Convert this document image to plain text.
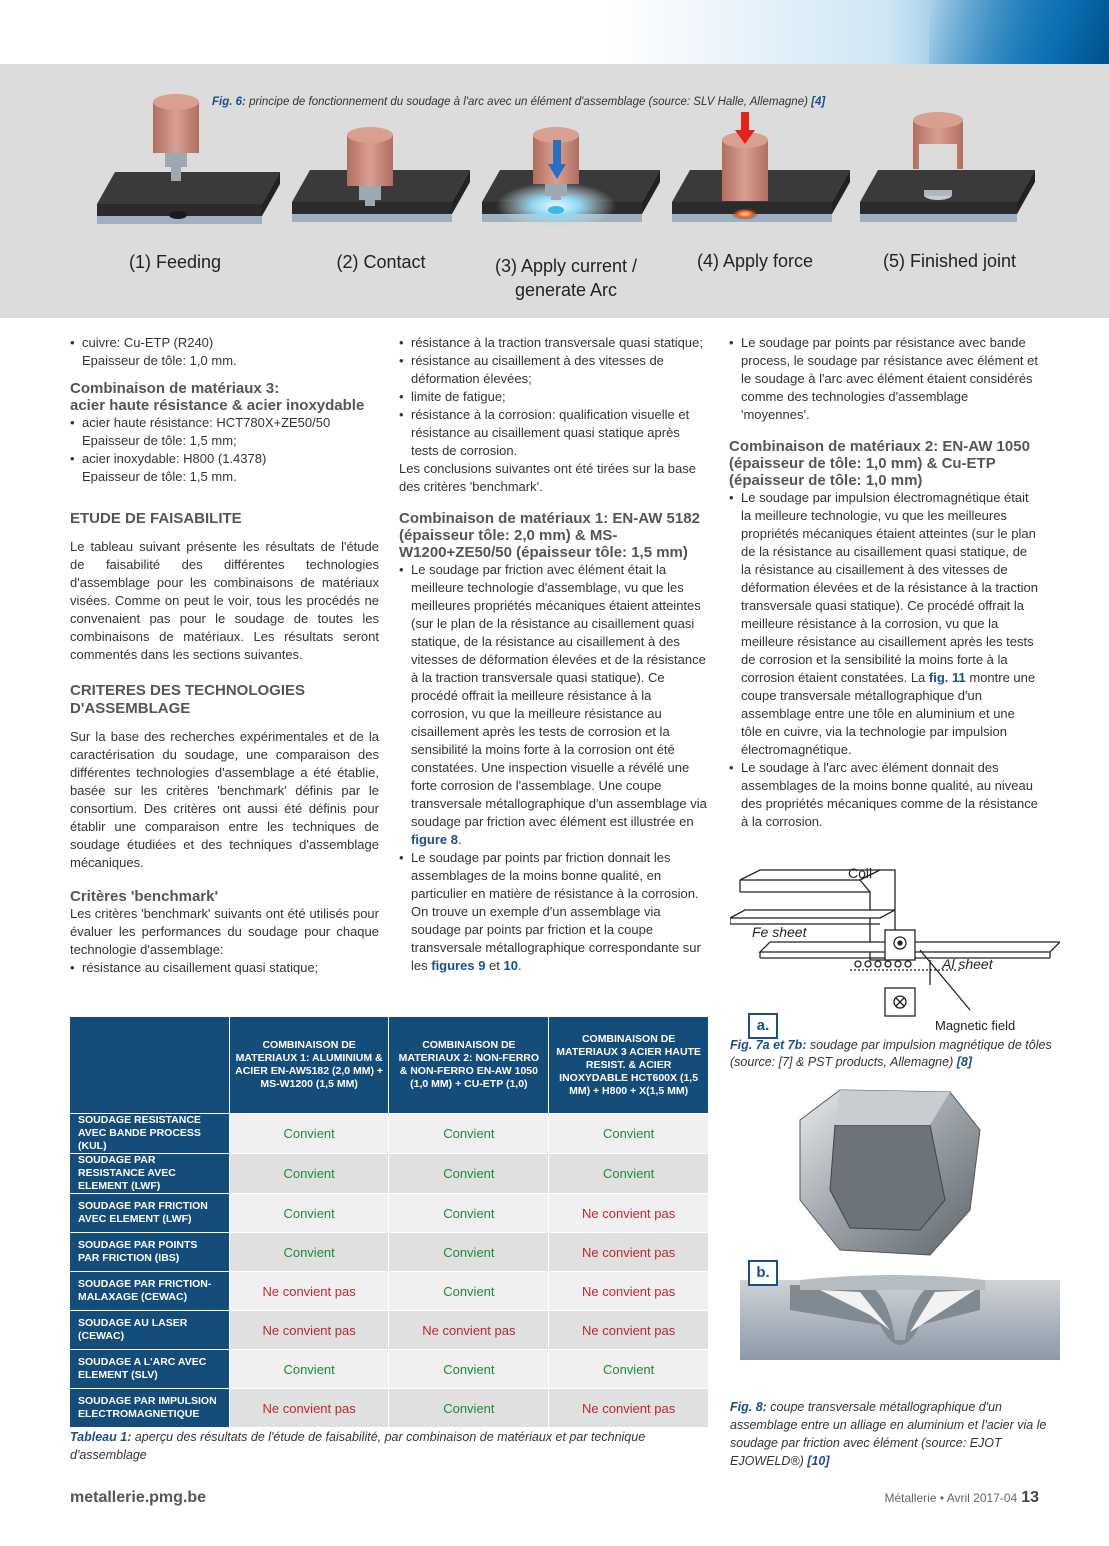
Fig. 6: principe de fonctionnement du soudage à l'arc avec un élément d'assemblage (source: SLV Halle, Allemagne) [4]
(1) Feeding	(2) Contact	(3) Apply current /
generate Arc
(4) Apply force	(5) Finished joint
• cuivre: Cu-ETP (R240)
Epaisseur de tôle: 1,0 mm.
Combinaison de matériaux 3:
acier haute résistance & acier inoxydable
• acier haute résistance: HCT780X+ZE50/50
Epaisseur de tôle: 1,5 mm;
• acier inoxydable: H800 (1.4378)
Epaisseur de tôle: 1,5 mm.
ETUDE DE FAISABILITE

Le tableau suivant présente les résultats de l'étude de faisabilité des différentes technologies d'assemblage pour les combinaisons de matériaux visées. Comme on peut le voir, tous les procédés ne convenaient pas pour le soudage de toutes les combinaisons de matériaux. Les résultats seront commentés dans les sections suivantes.

CRITERES DES TECHNOLOGIES D'ASSEMBLAGE

Sur la base des recherches expérimentales et de la caractérisation du soudage, une comparaison des différentes technologies d'assemblage a été établie, basée sur les critères 'benchmark' définis par le consortium. Des critères ont aussi été définis pour établir une comparaison entre les techniques de soudage étudiées et des techniques d'assemblage mécaniques.

Critères 'benchmark'

Les critères 'benchmark' suivants ont été utilisés pour évaluer les performances du soudage pour chaque technologie d'assemblage:

• résistance au cisaillement quasi statique;
• résistance à la traction transversale quasi statique;
• résistance au cisaillement à des vitesses de déformation élevées;
• limite de fatigue;
• résistance à la corrosion: qualification visuelle et résistance au cisaillement quasi statique après tests de corrosion.

Les conclusions suivantes ont été tirées sur la base des critères 'benchmark'.

Combinaison de matériaux 1: EN-AW 5182 (épaisseur tôle: 2,0 mm) & MS-W1200+ZE50/50 (épaisseur tôle: 1,5 mm)
• Le soudage par friction avec élément était la meilleure technologie d'assemblage, vu que les meilleures propriétés mécaniques étaient atteintes (sur le plan de la résistance au cisaillement quasi statique, de la résistance au cisaillement à des vitesses de déformation élevées et de la résistance à la traction transversale quasi statique). Ce procédé offrait la meilleure résistance à la corrosion, vu que la meilleure résistance au cisaillement après les tests de corrosion et la sensibilité la moins forte à la corrosion ont été constatées. Une inspection visuelle a révélé une forte corrosion de l'assemblage. Une coupe transversale métallographique d'un assemblage via soudage par friction avec élément est illustrée en figure 8.
• Le soudage par points par friction donnait les assemblages de la moins bonne qualité, en particulier en matière de résistance à la corrosion. On trouve un exemple d'un assemblage via soudage par points par friction et la coupe transversale métallographique correspondante sur les figures 9 et 10.
• Le soudage par points par résistance avec bande process, le soudage par résistance avec élément et le soudage à l'arc avec élément étaient considérés comme des technologies d'assemblage 'moyennes'.
Combinaison de matériaux 2: EN-AW 1050 (épaisseur de tôle: 1,0 mm) & Cu-ETP (épaisseur de tôle: 1,0 mm)
• Le soudage par impulsion électromagnétique était la meilleure technologie, vu que les meilleures propriétés mécaniques étaient atteintes (sur le plan de la résistance au cisaillement quasi statique, de la résistance au cisaillement à des vitesses de déformation élevées et de la résistance à la traction transversale quasi statique). Ce procédé offrait la meilleure résistance à la corrosion, vu que la meilleure résistance au cisaillement après les tests de corrosion et la sensibilité la moins forte à la corrosion étaient constatées. La fig. 11 montre une coupe transversale métallographique d'un assemblage entre une tôle en aluminium et une tôle en cuivre, via la technologie par impulsion électromagnétique.
• Le soudage à l'arc avec élément donnait des assemblages de la moins bonne qualité, au niveau des propriétés mécaniques comme de la résistance à la corrosion.
	COMBINAISON DE MATERIAUX 1: ALUMINIUM & ACIER EN-AW5182 (2,0 MM) + MS-W1200 (1,5 MM)	COMBINAISON DE MATERIAUX 2: NON-FERRO & NON-FERRO EN-AW 1050 (1,0 MM) + CU-ETP (1,0)	COMBINAISON DE MATERIAUX 3 ACIER HAUTE RESIST. & ACIER INOXYDABLE HCT600X (1,5 MM) + H800 + X(1,5 MM)
SOUDAGE RESISTANCE AVEC BANDE PROCESS (KUL)	Convient	Convient	Convient
SOUDAGE PAR RESISTANCE AVEC ELEMENT (LWF)	Convient	Convient	Convient
SOUDAGE PAR FRICTION AVEC ELEMENT (LWF)	Convient	Convient	Ne convient pas
SOUDAGE PAR POINTS PAR FRICTION (IBS)	Convient	Convient	Ne convient pas
SOUDAGE PAR FRICTION-MALAXAGE (CEWAC)	Ne convient pas	Convient	Ne convient pas
SOUDAGE AU LASER (CEWAC)	Ne convient pas	Ne convient pas	Ne convient pas
SOUDAGE A L'ARC AVEC ELEMENT (SLV)	Convient	Convient	Convient
SOUDAGE PAR IMPULSION ELECTROMAGNETIQUE	Ne convient pas	Convient	Ne convient pas
Tableau 1: aperçu des résultats de l'étude de faisabilité, par combinaison de matériaux et par technique d'assemblage
Coil
Fe sheet
Al sheet
Magnetic field
a.
Fig. 7a et 7b: soudage par impulsion magnétique de tôles (source: [7] & PST products, Allemagne) [8]
b.
Fig. 8: coupe transversale métallographique d'un assemblage entre un alliage en aluminium et l'acier via le soudage par friction avec élément (source: EJOT EJOWELD®) [10]
metallerie.pmg.be	Métallerie • Avril 2017-04 13
